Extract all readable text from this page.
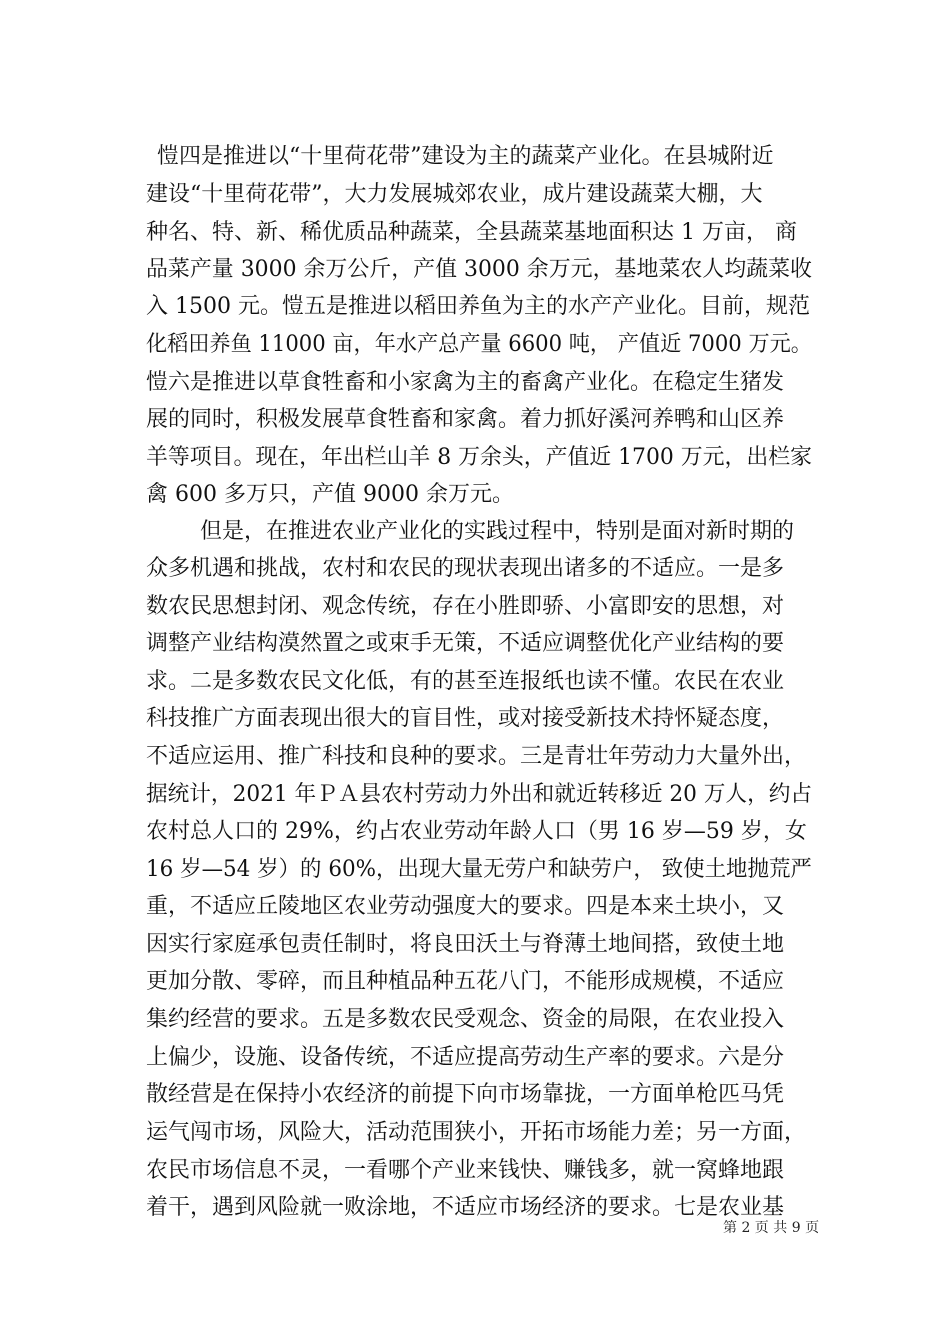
愷四是推进以“十里荷花带”建设为主的蔬菜产业化。在县城附近
建设“十里荷花带”，大力发展城郊农业，成片建设蔬菜大棚，大
种名、特、新、稀优质品种蔬菜，全县蔬菜基地面积达 1 万亩， 商
品菜产量 3000 余万公斤，产值 3000 余万元，基地菜农人均蔬菜收
入 1500 元。愷五是推进以稻田养鱼为主的水产产业化。目前，规范
化稻田养鱼 11000 亩，年水产总产量 6600 吨， 产值近 7000 万元。
愷六是推进以草食牲畜和小家禽为主的畜禽产业化。在稳定生猪发
展的同时，积极发展草食牲畜和家禽。着力抓好溪河养鸭和山区养
羊等项目。现在，年出栏山羊 8 万余头，产值近 1700 万元，出栏家
禽 600 多万只，产值 9000 余万元。
但是，在推进农业产业化的实践过程中，特别是面对新时期的
众多机遇和挑战，农村和农民的现状表现出诸多的不适应。一是多
数农民思想封闭、观念传统，存在小胜即骄、小富即安的思想，对
调整产业结构漠然置之或束手无策，不适应调整优化产业结构的要
求。二是多数农民文化低，有的甚至连报纸也读不懂。农民在农业
科技推广方面表现出很大的盲目性，或对接受新技术持怀疑态度，
不适应运用、推广科技和良种的要求。三是青壮年劳动力大量外出，
据统计，2021 年ＰＡ县农村劳动力外出和就近转移近 20 万人，约占
农村总人口的 29%，约占农业劳动年龄人口（男 16 岁—59 岁，女
16 岁—54 岁）的 60%，出现大量无劳户和缺劳户， 致使土地抛荒严
重，不适应丘陵地区农业劳动强度大的要求。四是本来土块小，又
因实行家庭承包责任制时，将良田沃土与脊薄土地间搭，致使土地
更加分散、零碎，而且种植品种五花八门，不能形成规模，不适应
集约经营的要求。五是多数农民受观念、资金的局限，在农业投入
上偏少，设施、设备传统，不适应提高劳动生产率的要求。六是分
散经营是在保持小农经济的前提下向市场靠拢，一方面单枪匹马凭
运气闯市场，风险大，活动范围狭小，开拓市场能力差；另一方面，
农民市场信息不灵，一看哪个产业来钱快、赚钱多，就一窝蜂地跟
着干，遇到风险就一败涂地，不适应市场经济的要求。七是农业基
第 2 页 共 9 页
